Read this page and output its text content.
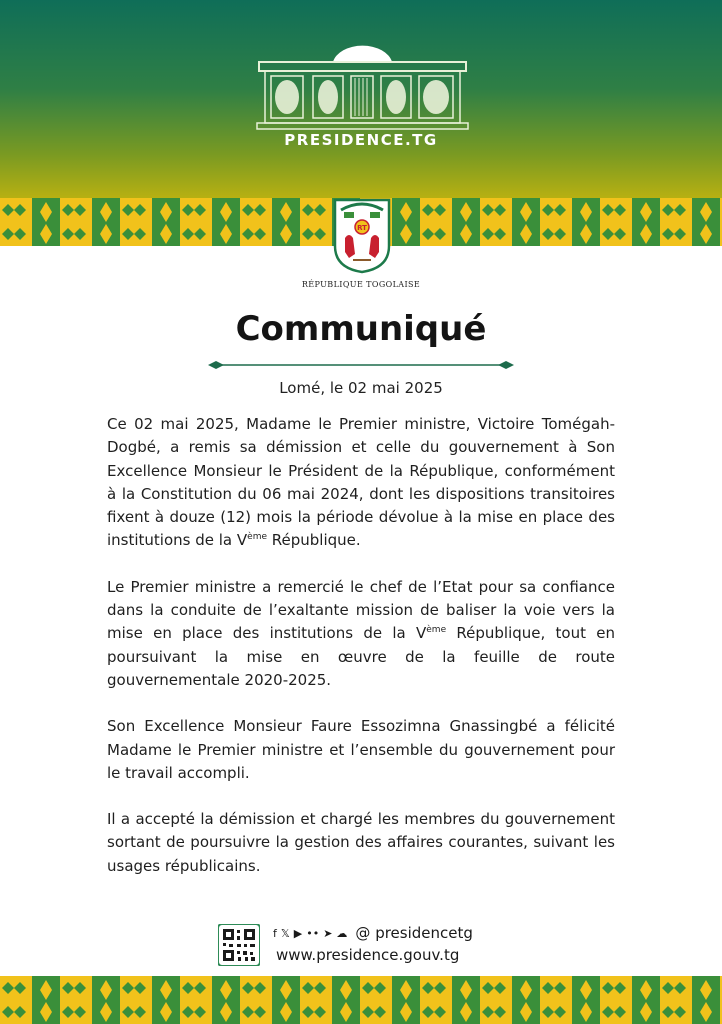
PRESIDENCE.TG
RT
RÉPUBLIQUE TOGOLAISE
Communiqué
Lomé, le 02 mai 2025

Ce 02 mai 2025, Madame le Premier ministre, Victoire Tomégah-Dogbé, a remis sa démission et celle du gouvernement à Son Excellence Monsieur le Président de la République, conformément à la Constitution du 06 mai 2024, dont les dispositions transitoires fixent à douze (12) mois la période dévolue à la mise en place des institutions de la Vème République.

Le Premier ministre a remercié le chef de l’Etat pour sa confiance dans la conduite de l’exaltante mission de baliser la voie vers la mise en place des institutions de la Vème République, tout en poursuivant la mise en œuvre de la feuille de route gouvernementale 2020-2025.

Son Excellence Monsieur Faure Essozimna Gnassingbé a félicité Madame le Premier ministre et l’ensemble du gouvernement pour le travail accompli.

Il a accepté la démission et chargé les membres du gouvernement sortant de poursuivre la gestion des affaires courantes, suivant les usages républicains.

f 𝕏 ▶ •• ➤ ☁ @ presidencetg
www.presidence.gouv.tg
